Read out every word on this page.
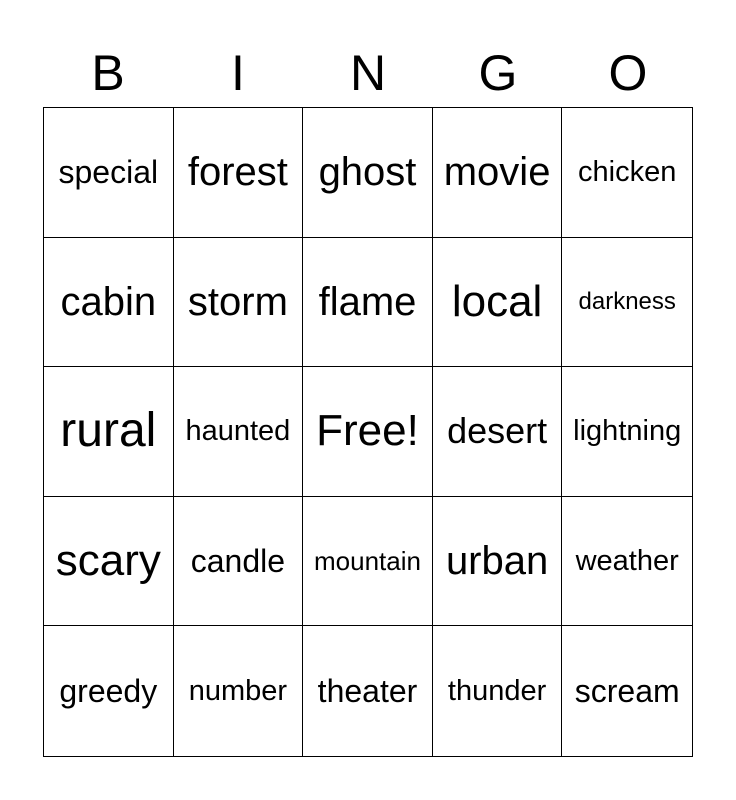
B	I	N	G	O
special forest ghost movie chicken
cabin storm flame local	darkness
rural	haunted Free! desert lightning
scary candle	mountain urban weather
greedy	number theater	thunder scream
